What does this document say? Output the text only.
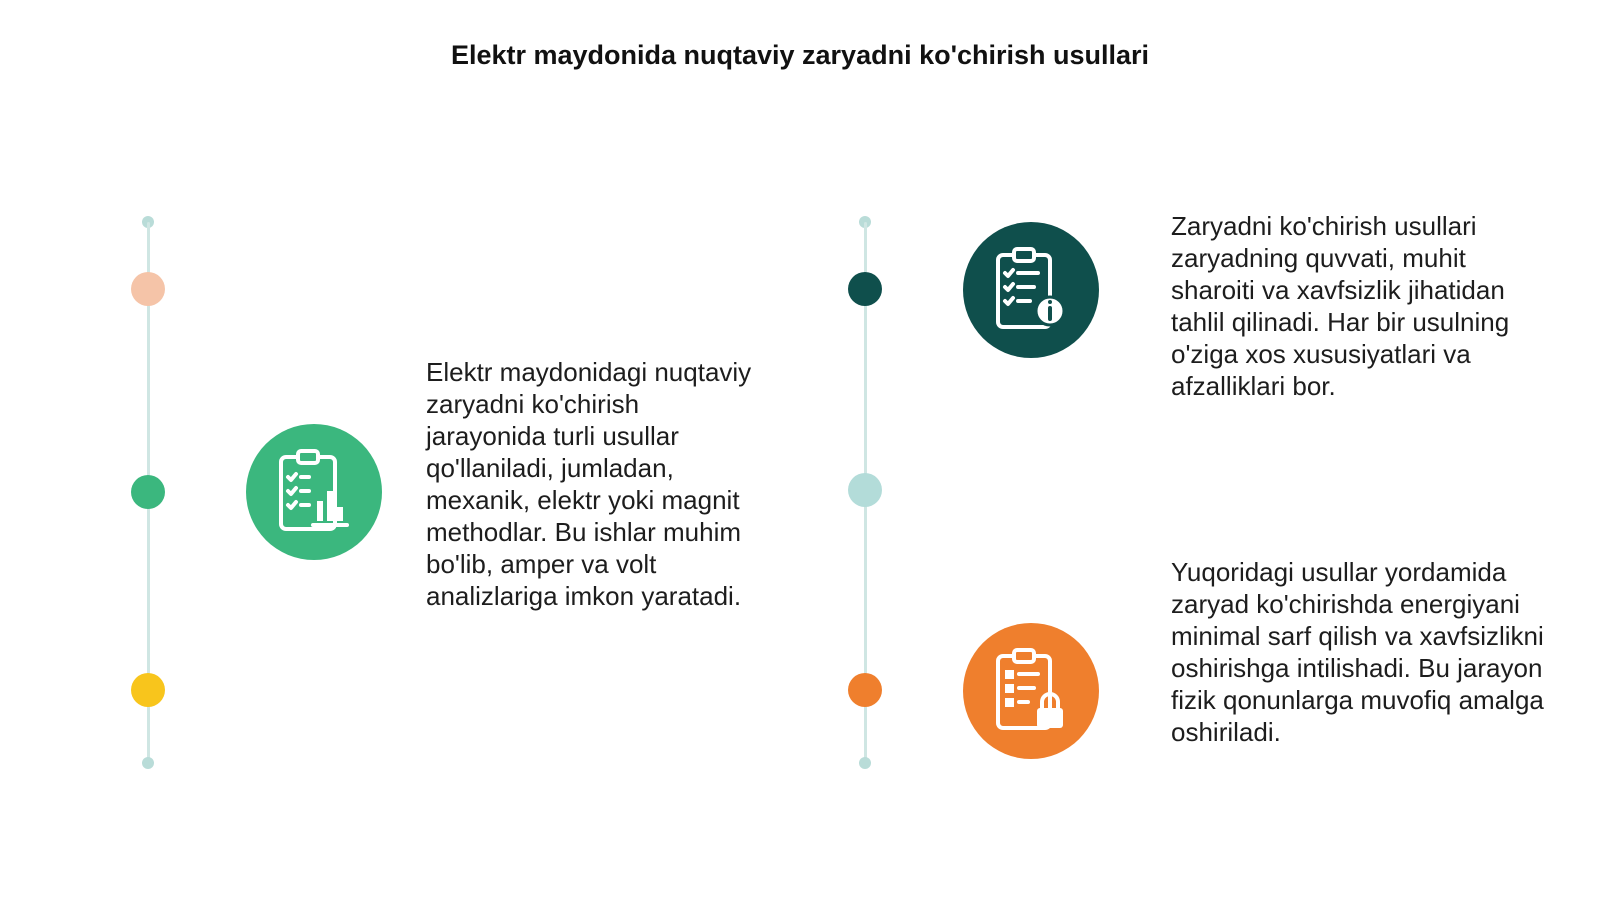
Elektr maydonida nuqtaviy zaryadni ko'chirish usullari

Elektr maydonidagi nuqtaviy zaryadni ko'chirish jarayonida turli usullar qo'llaniladi, jumladan, mexanik, elektr yoki magnit methodlar. Bu ishlar muhim bo'lib, amper va volt analizlariga imkon yaratadi.

Zaryadni ko'chirish usullari zaryadning quvvati, muhit sharoiti va xavfsizlik jihatidan tahlil qilinadi. Har bir usulning o'ziga xos xususiyatlari va afzalliklari bor.

Yuqoridagi usullar yordamida zaryad ko'chirishda energiyani minimal sarf qilish va xavfsizlikni oshirishga intilishadi. Bu jarayon fizik qonunlarga muvofiq amalga oshiriladi.
